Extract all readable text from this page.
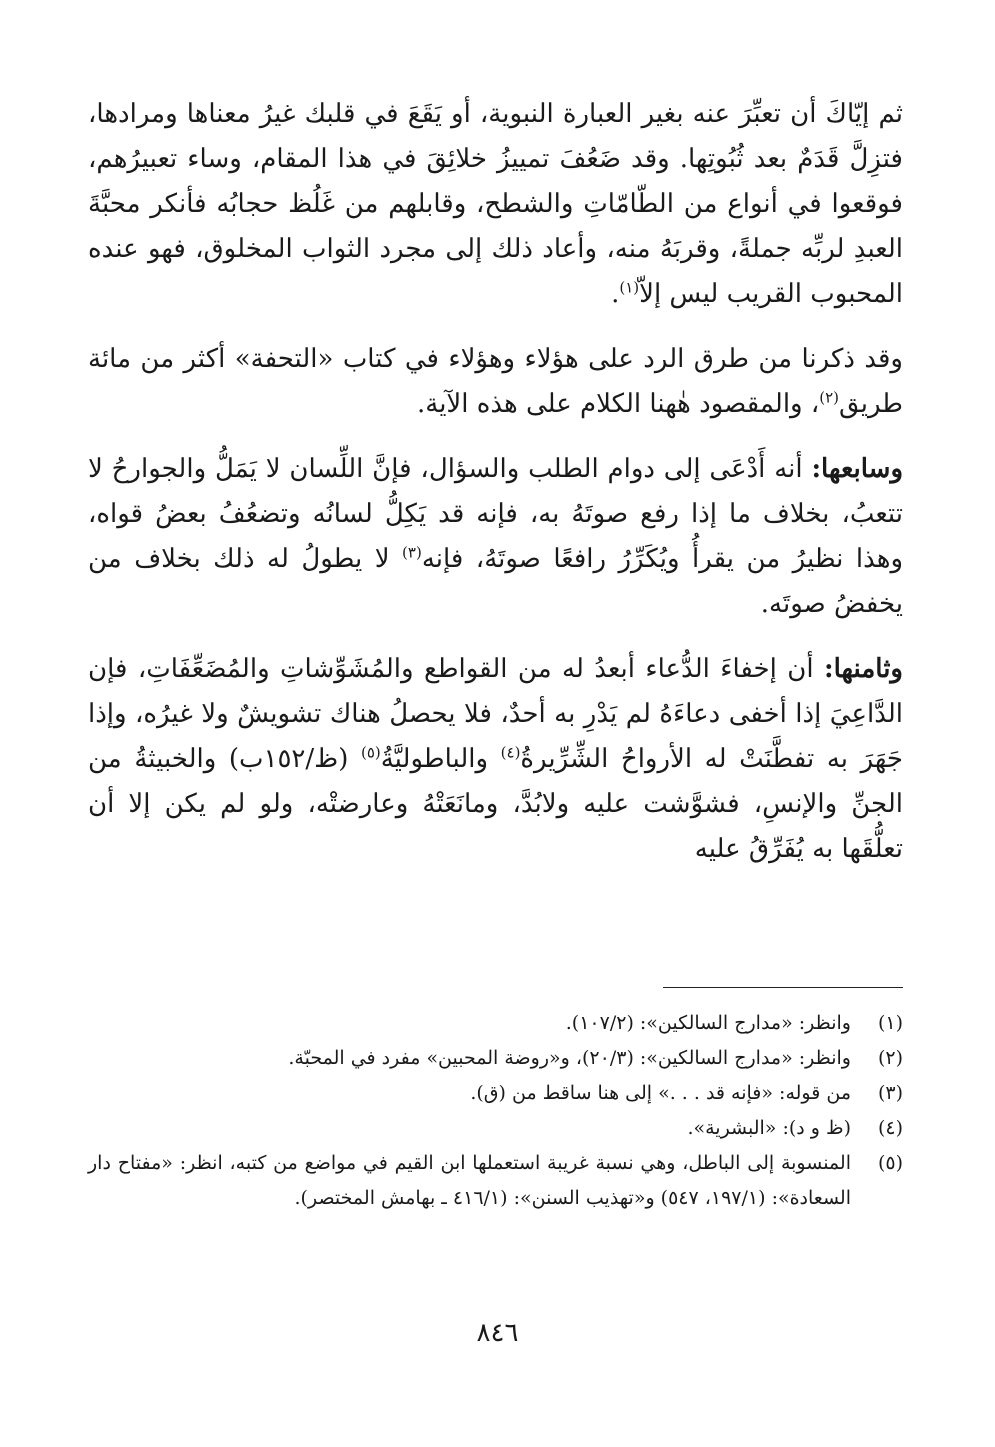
ثم إيّاكَ أن تعبِّرَ عنه بغير العبارة النبوية، أو يَقَعَ في قلبك غيرُ معناها ومرادها، فتزِلَّ قَدَمٌ بعد ثُبُوتِها. وقد ضَعُفَ تمييزُ خلائِقَ في هذا المقام، وساء تعبيرُهم، فوقعوا في أنواع من الطّامّاتِ والشطح، وقابلهم من غَلُظ حجابُه فأنكر محبَّةَ العبدِ لربِّه جملةً، وقربَهُ منه، وأعاد ذلك إلى مجرد الثواب المخلوق، فهو عنده المحبوب القريب ليس إلاّ$^{(١)}$.

وقد ذكرنا من طرق الرد على هؤلاء وهؤلاء في كتاب «التحفة» أكثر من مائة طريق$^{(٢)}$، والمقصود هٰهنا الكلام على هذه الآية.

وسابعها: أنه أَدْعَى إلى دوام الطلب والسؤال، فإنَّ اللِّسان لا يَمَلُّ والجوارحُ لا تتعبُ، بخلاف ما إذا رفع صوتَهُ به، فإنه قد يَكِلُّ لسانُه وتضعُفُ بعضُ قواه، وهذا نظيرُ من يقرأُ ويُكَرِّرُ رافعًا صوتَهُ، فإنه$^{(٣)}$ لا يطولُ له ذلك بخلاف من يخفضُ صوتَه.

وثامنها: أن إخفاءَ الدُّعاء أبعدُ له من القواطع والمُشَوِّشاتِ والمُضَعِّفَاتِ، فإن الدَّاعِيَ إذا أخفى دعاءَهُ لم يَدْرِ به أحدٌ، فلا يحصلُ هناك تشويشٌ ولا غيرُه، وإذا جَهَرَ به تفطَّنَتْ له الأرواحُ الشِّرِّيرةُ$^{(٤)}$ والباطوليَّةُ$^{(٥)}$ (ظ/١٥٢ب) والخبيثةُ من الجنِّ والإنسِ، فشوَّشت عليه ولابُدَّ، ومانَعَتْهُ وعارضتْه، ولو لم يكن إلا أن تعلُّقَها به يُفَرِّقُ عليه

(١)
وانظر: «مدارج السالكين»: (١٠٧/٢).
(٢)
وانظر: «مدارج السالكين»: (٢٠/٣)، و«روضة المحبين» مفرد في المحبّة.
(٣)
من قوله: «فإنه قد . . .» إلى هنا ساقط من (ق).
(٤)
(ظ و د): «البشرية».
(٥)
المنسوبة إلى الباطل، وهي نسبة غريبة استعملها ابن القيم في مواضع من كتبه، انظر: «مفتاح دار السعادة»: (١٩٧/١، ٥٤٧) و«تهذيب السنن»: (٤١٦/١ ـ بهامش المختصر).
٨٤٦
